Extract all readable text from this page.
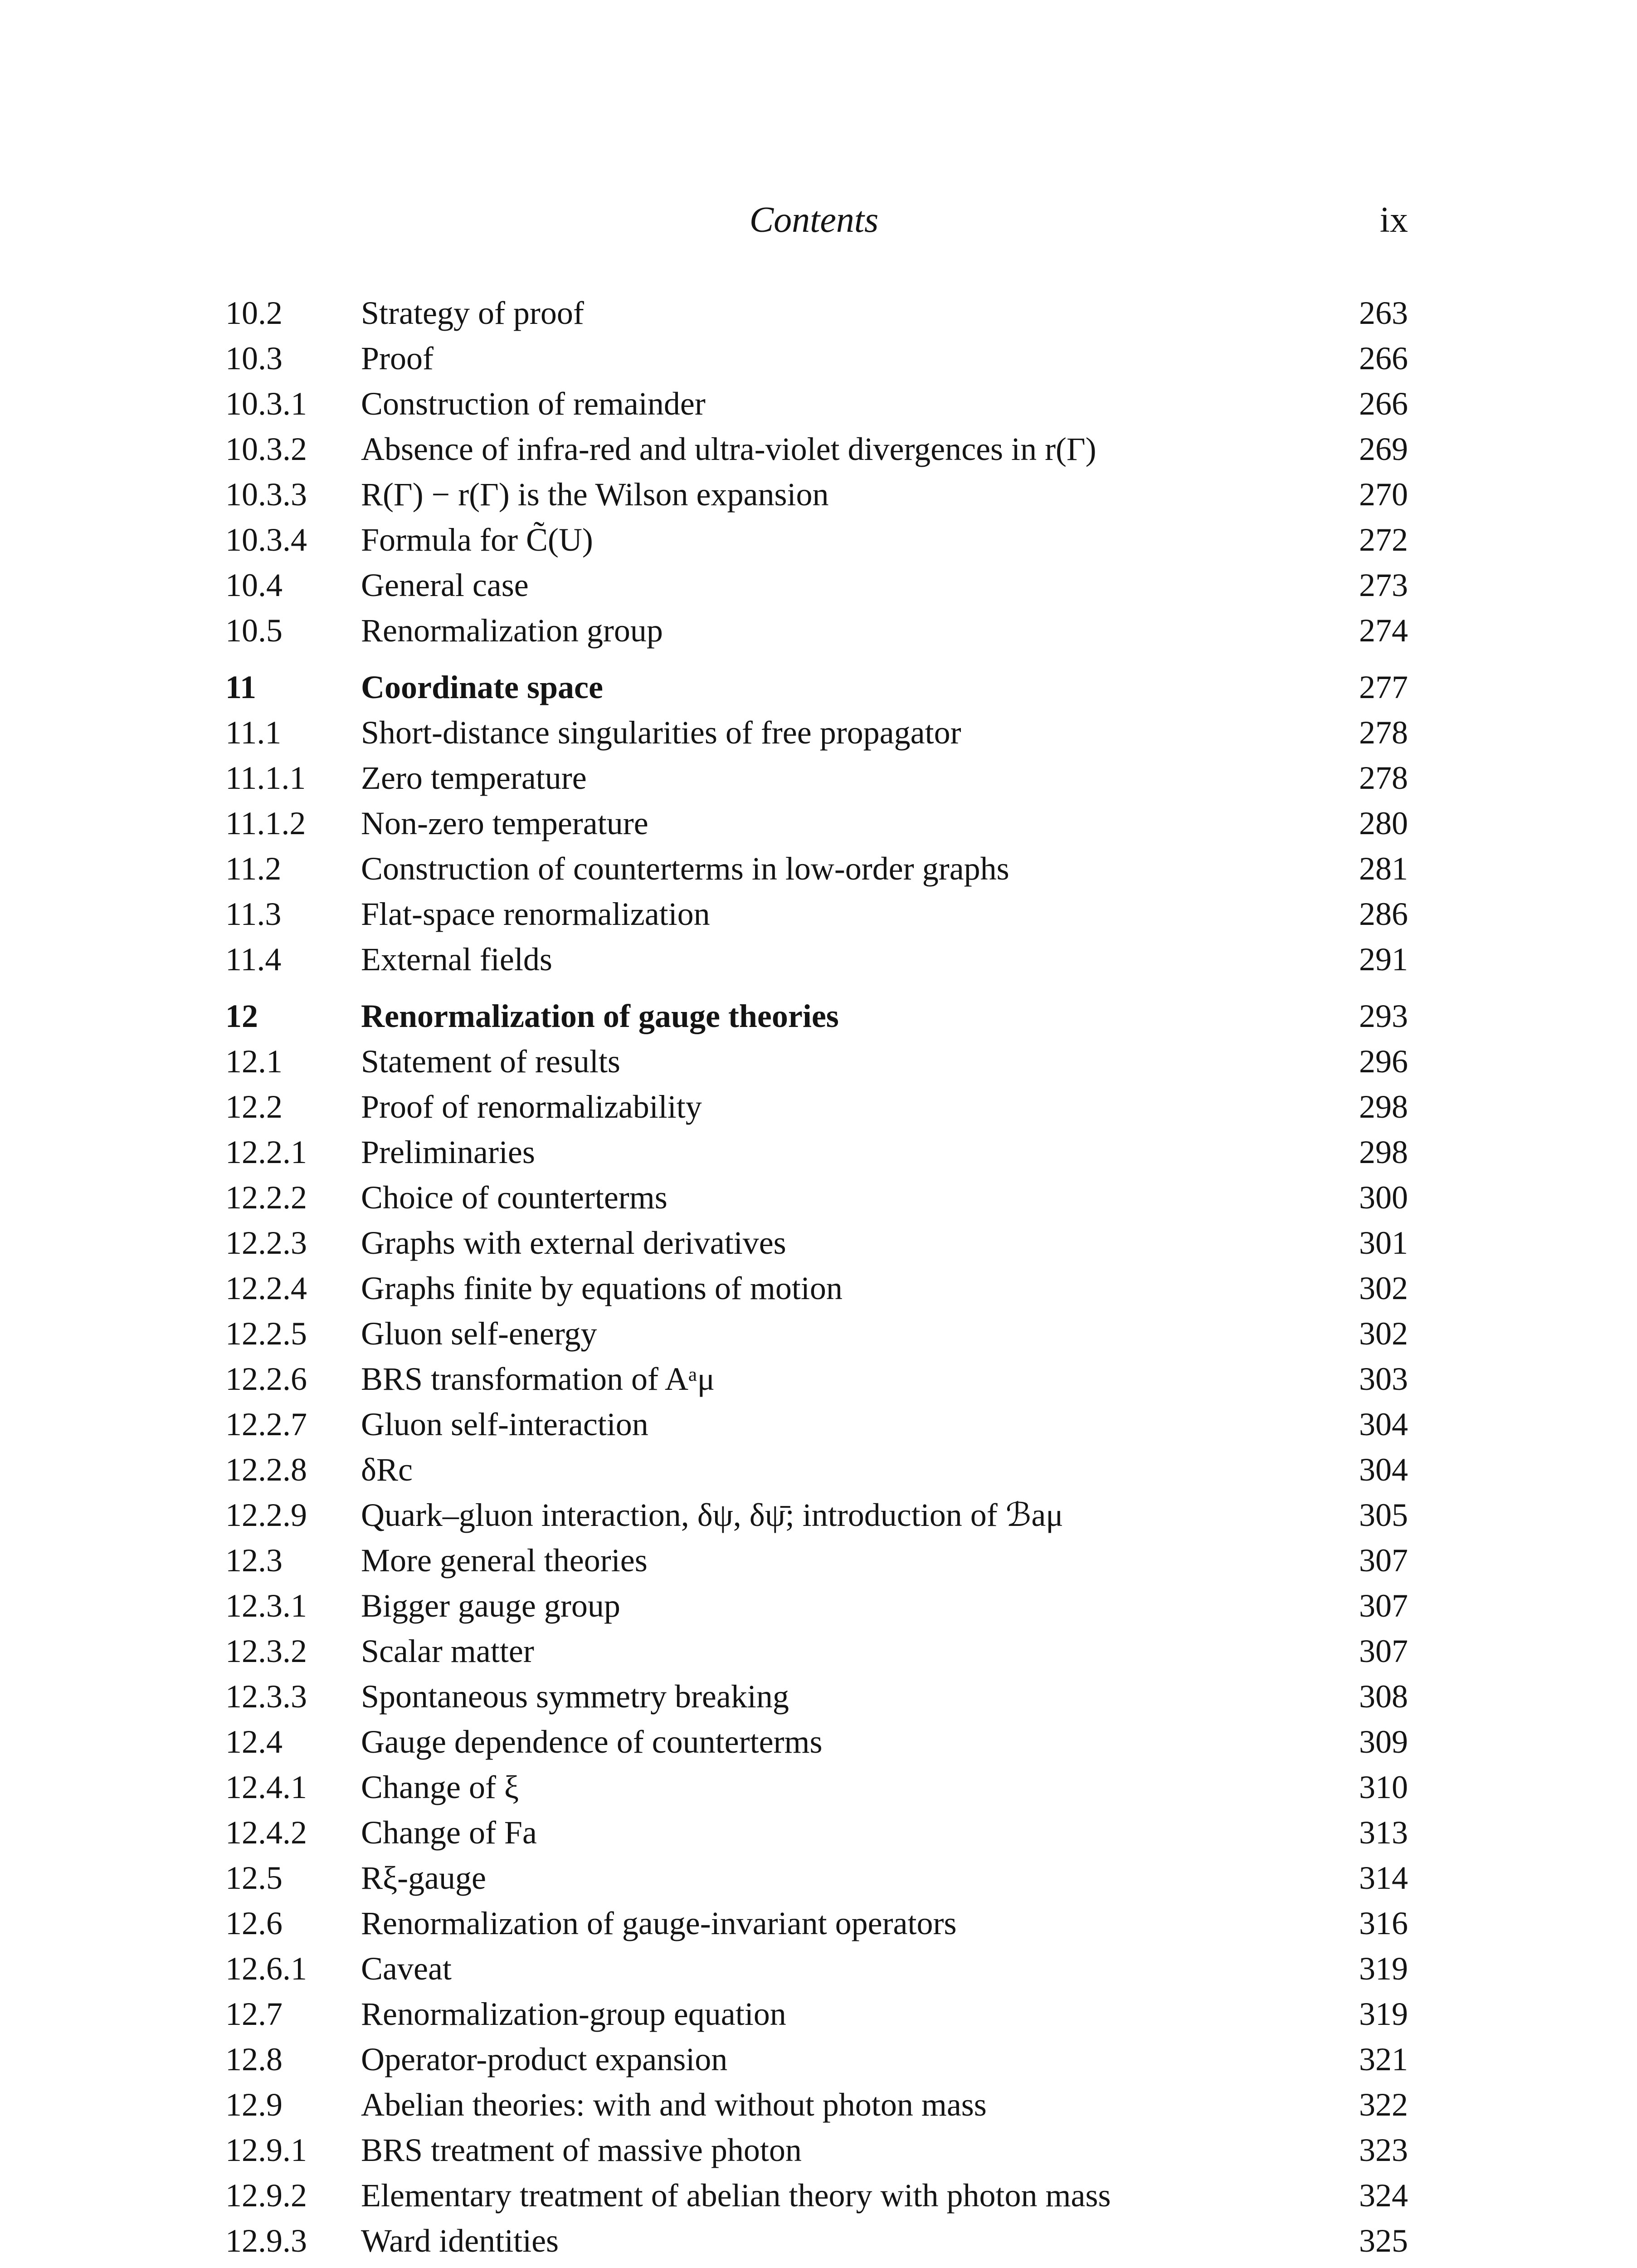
Contents	ix
10.2 Strategy of proof	263
10.3 Proof	266
10.3.1 Construction of remainder	266
10.3.2 Absence of infra-red and ultra-violet divergences in r(Γ)	269
10.3.3 R(Γ) − r(Γ) is the Wilson expansion	270
10.3.4 Formula for C̃(U)	272
10.4 General case	273
10.5 Renormalization group	274
11	Coordinate space	277
11.1 Short-distance singularities of free propagator	278
11.1.1 Zero temperature	278
11.1.2 Non-zero temperature	280
11.2 Construction of counterterms in low-order graphs	281
11.3 Flat-space renormalization	286
11.4 External fields	291
12	Renormalization of gauge theories	293
12.1 Statement of results	296
12.2 Proof of renormalizability	298
12.2.1 Preliminaries	298
12.2.2 Choice of counterterms	300
12.2.3 Graphs with external derivatives	301
12.2.4 Graphs finite by equations of motion	302
12.2.5 Gluon self-energy	302
12.2.6 BRS transformation of Aᵃμ	303
12.2.7 Gluon self-interaction	304
12.2.8 δRc	304
12.2.9 Quark–gluon interaction, δψ, δψ̄; introduction of ℬaμ	305
12.3 More general theories	307
12.3.1 Bigger gauge group	307
12.3.2 Scalar matter	307
12.3.3 Spontaneous symmetry breaking	308
12.4 Gauge dependence of counterterms	309
12.4.1 Change of ξ	310
12.4.2 Change of Fa	313
12.5 Rξ-gauge	314
12.6 Renormalization of gauge-invariant operators	316
12.6.1 Caveat	319
12.7 Renormalization-group equation	319
12.8 Operator-product expansion	321
12.9 Abelian theories: with and without photon mass	322
12.9.1 BRS treatment of massive photon	323
12.9.2 Elementary treatment of abelian theory with photon mass	324
12.9.3 Ward identities	325
